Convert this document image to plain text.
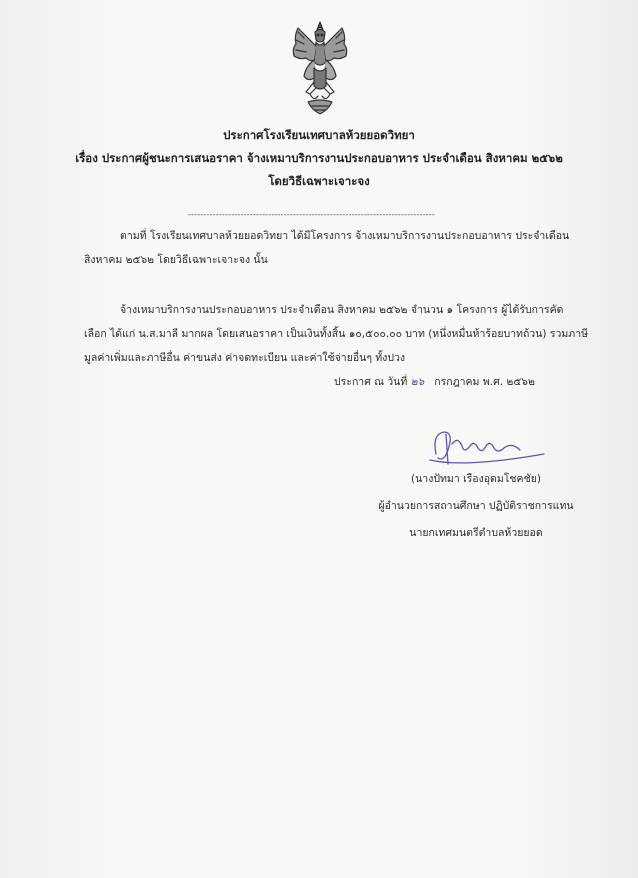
ประกาศโรงเรียนเทศบาลห้วยยอดวิทยา
เรื่อง ประกาศผู้ชนะการเสนอราคา จ้างเหมาบริการงานประกอบอาหาร ประจำเดือน สิงหาคม ๒๕๖๒
โดยวิธีเฉพาะเจาะจง
--------------------------------------------------------------------------------
ตามที่ โรงเรียนเทศบาลห้วยยอดวิทยา ได้มีโครงการ จ้างเหมาบริการงานประกอบอาหาร ประจำเดือน
สิงหาคม ๒๕๖๒ โดยวิธีเฉพาะเจาะจง นั้น
จ้างเหมาบริการงานประกอบอาหาร ประจำเดือน สิงหาคม ๒๕๖๒ จำนวน ๑ โครงการ ผู้ได้รับการคัด
เลือก ได้แก่ น.ส.มาลี มากผล โดยเสนอราคา เป็นเงินทั้งสิ้น ๑๐,๕๐๐.๐๐ บาท (หนึ่งหมื่นห้าร้อยบาทถ้วน) รวมภาษี
มูลค่าเพิ่มและภาษีอื่น ค่าขนส่ง ค่าจดทะเบียน และค่าใช้จ่ายอื่นๆ ทั้งปวง
ประกาศ ณ วันที่ ๒๖ กรกฎาคม พ.ศ. ๒๕๖๒
(นางปัทมา เรืองอุดมโชคชัย)
ผู้อำนวยการสถานศึกษา ปฏิบัติราชการแทน
นายกเทศมนตรีตำบลห้วยยอด
